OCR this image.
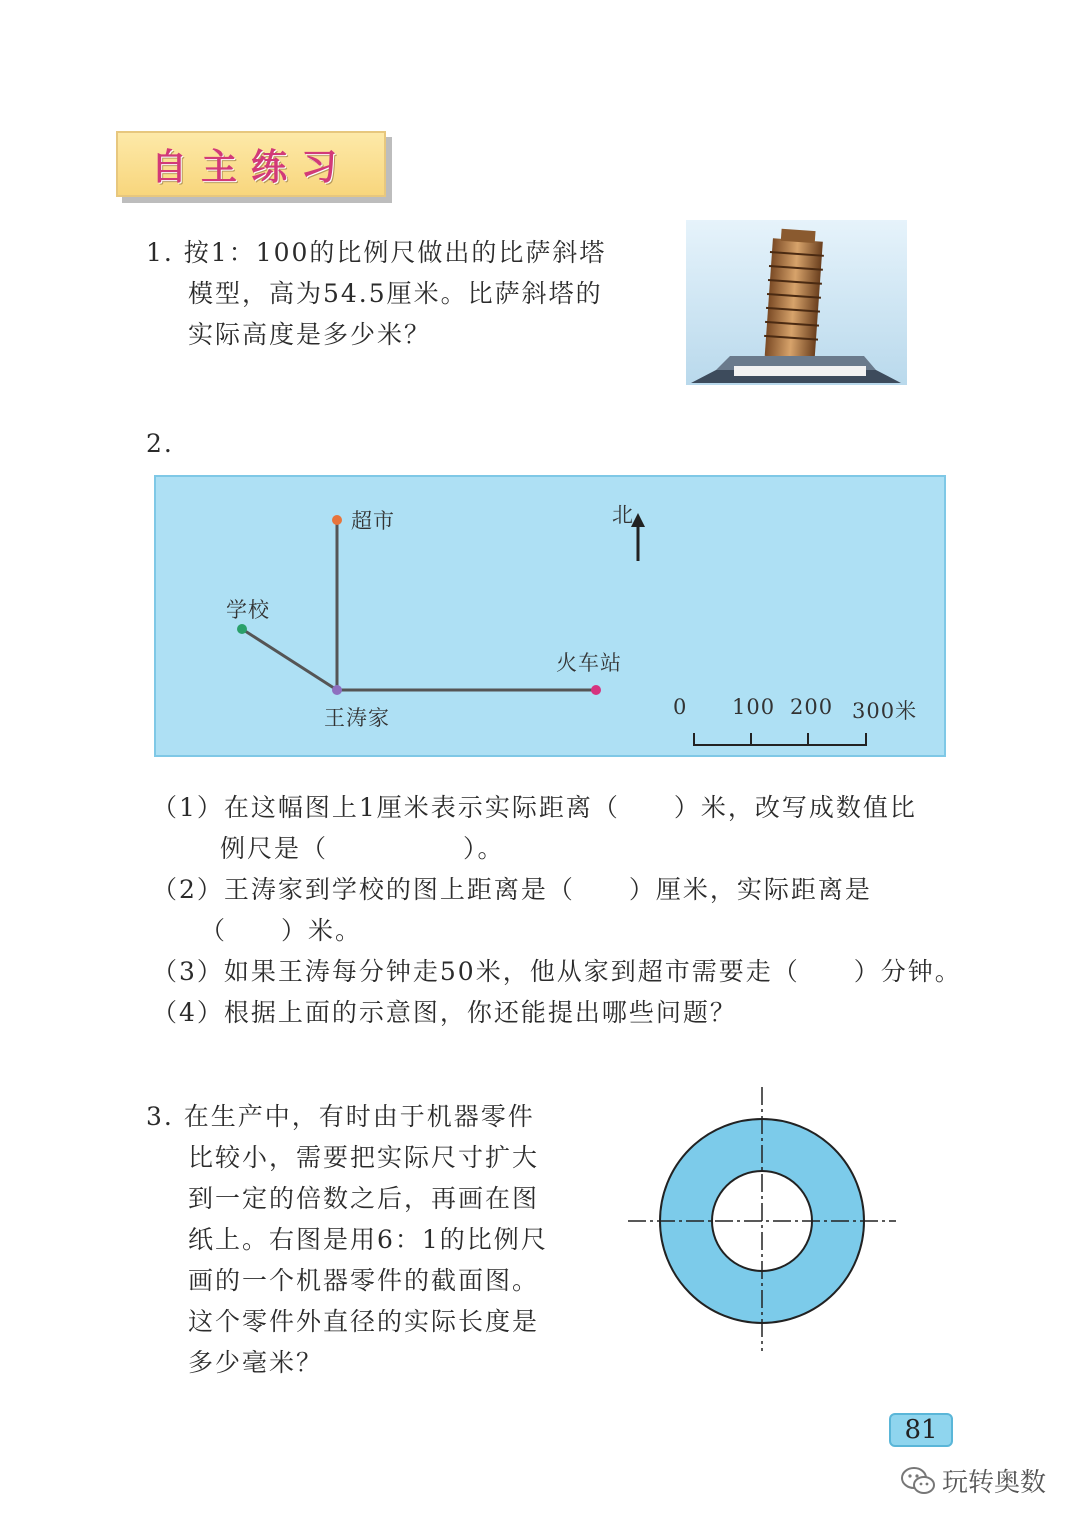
自主练习
1. 按1：100的比例尺做出的比萨斜塔
模型，高为54.5厘米。比萨斜塔的
实际高度是多少米？
2.
北
超市
学校
火车站
王涛家	0 100 200 300米
（1）在这幅图上1厘米表示实际距离（　　）米，改写成数值比
例尺是（　　　　　）。
（2）王涛家到学校的图上距离是（　　）厘米，实际距离是
（　　）米。
（3）如果王涛每分钟走50米，他从家到超市需要走（　　）分钟。
（4）根据上面的示意图，你还能提出哪些问题？
3. 在生产中，有时由于机器零件
比较小，需要把实际尺寸扩大
到一定的倍数之后，再画在图
纸上。右图是用6：1的比例尺
画的一个机器零件的截面图。
这个零件外直径的实际长度是
多少毫米？
81
玩转奥数
